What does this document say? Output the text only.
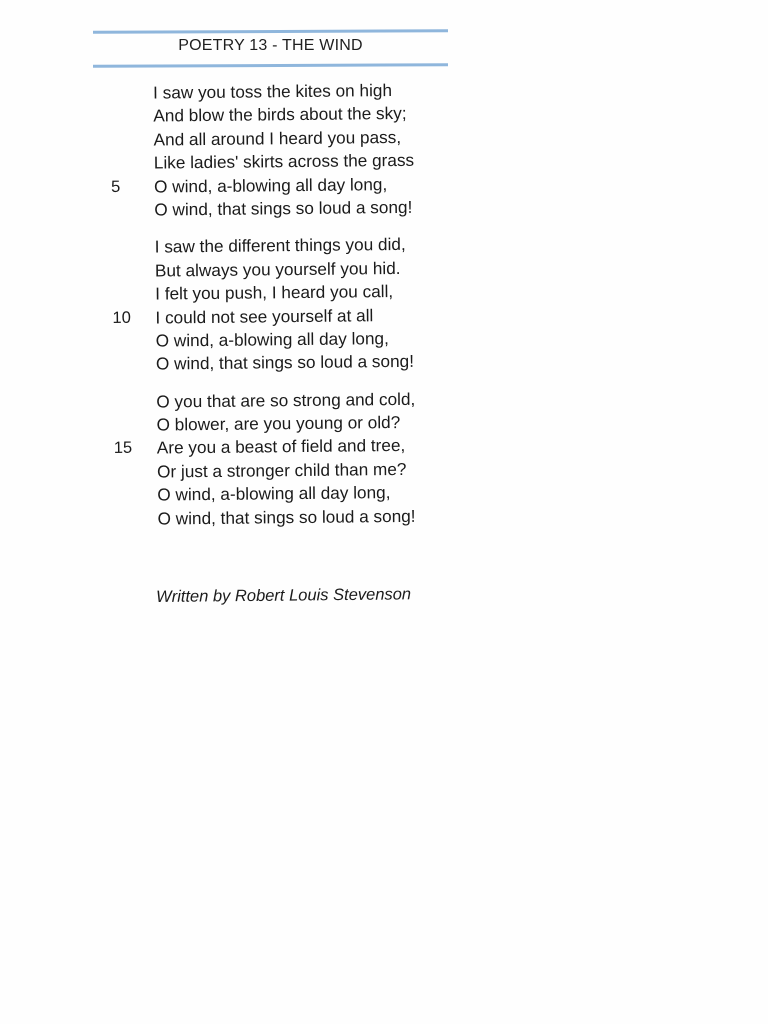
POETRY 13 - THE WIND
I saw you toss the kites on high
And blow the birds about the sky;
And all around I heard you pass,
Like ladies' skirts across the grass
5	O wind, a-blowing all day long,
O wind, that sings so loud a song!
I saw the different things you did,
But always you yourself you hid.
I felt you push, I heard you call,
10	I could not see yourself at all
O wind, a-blowing all day long,
O wind, that sings so loud a song!
O you that are so strong and cold,
O blower, are you young or old?
15	Are you a beast of field and tree,
Or just a stronger child than me?
O wind, a-blowing all day long,
O wind, that sings so loud a song!
Written by Robert Louis Stevenson
